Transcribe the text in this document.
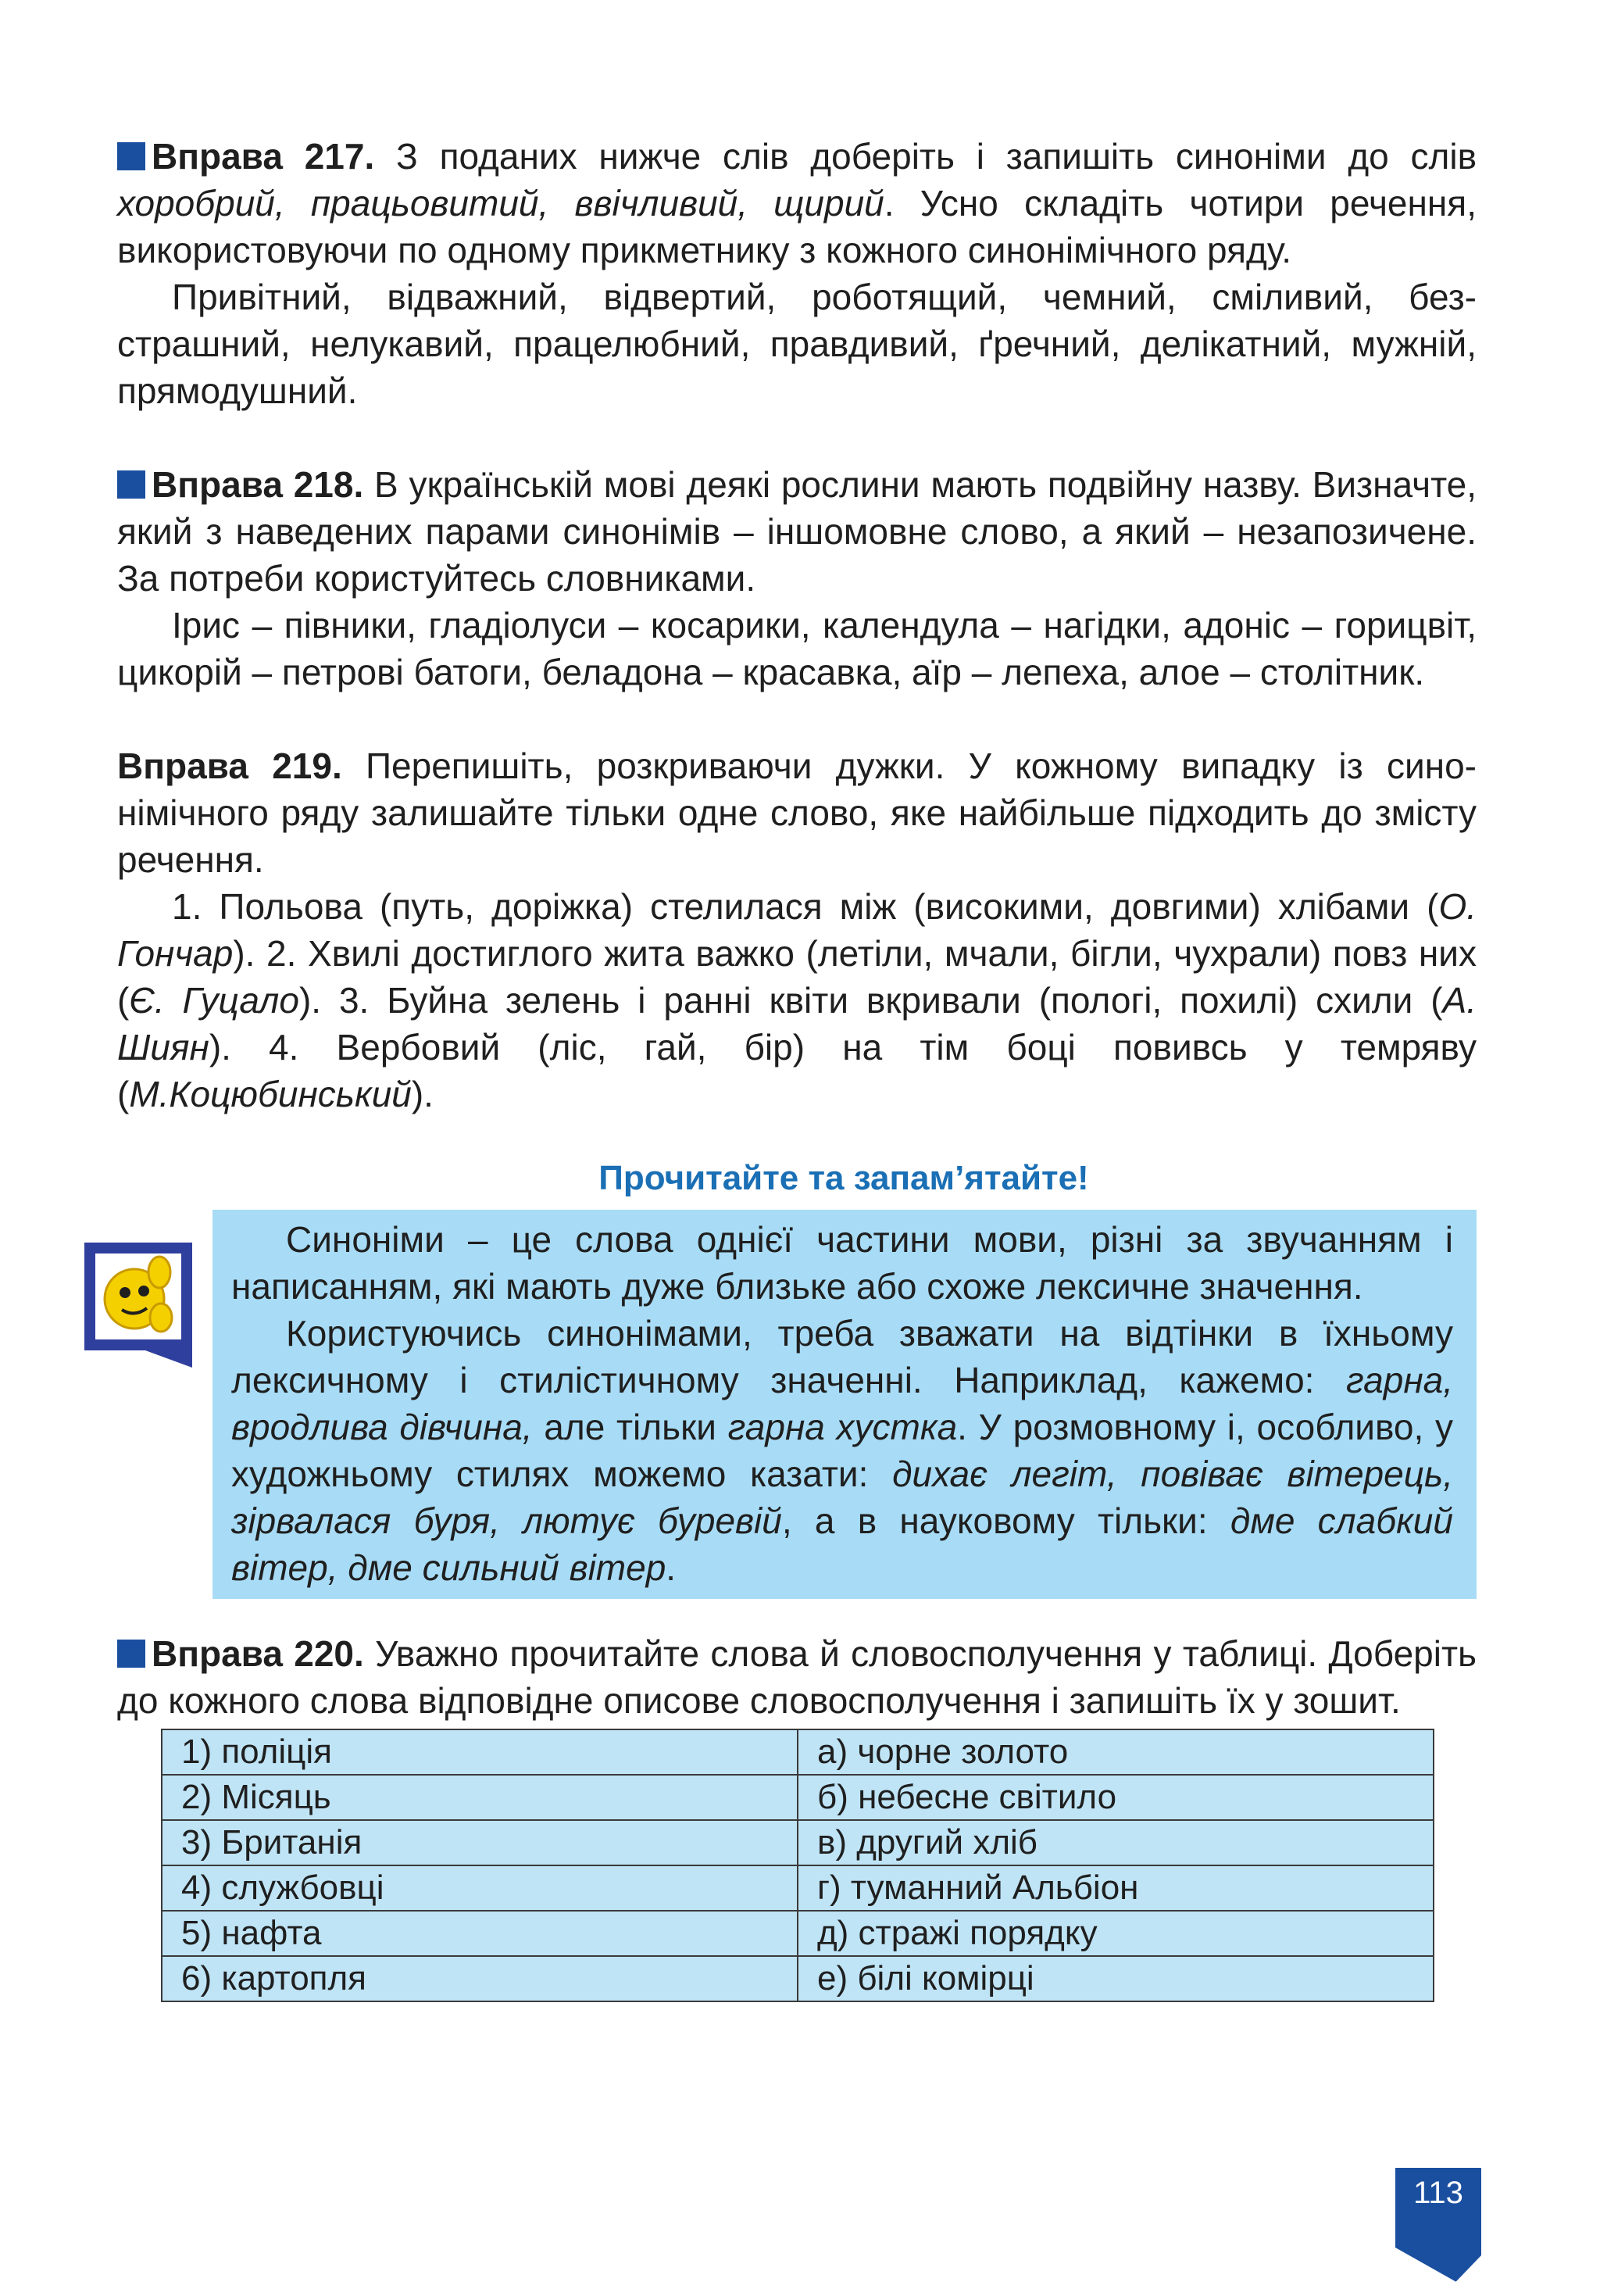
Вправа 217. З поданих нижче слів доберіть і запишіть синоніми до слів хоробрий, працьовитий, ввічливий, щирий. Усно складіть чотири речення, використовуючи по одному прикметнику з кожного синонімічного ряду.

Привітний, відважний, відвертий, роботящий, чемний, сміливий, безстрашний, нелукавий, працелюбний, правдивий, ґречний, делікатний, мужній, прямодушний.

Вправа 218. В українській мові деякі рослини мають подвійну назву. Визначте, який з наведених парами синонімів – іншомовне слово, а який – незапозичене. За потреби користуйтесь словниками.

Ірис – півники, гладіолуси – косарики, календула – нагідки, адоніс – горицвіт, цикорій – петрові батоги, беладона – красавка, аїр – лепеха, алое – столітник.

Вправа 219. Перепишіть, розкриваючи дужки. У кожному випадку із синонімічного ряду залишайте тільки одне слово, яке найбільше підходить до змісту речення.

1. Польова (путь, доріжка) стелилася між (високими, довгими) хлібами (О. Гончар). 2. Хвилі достиглого жита важко (летіли, мчали, бігли, чухрали) повз них (Є. Гуцало). 3. Буйна зелень і ранні квіти вкривали (пологі, похилі) схили (А. Шиян). 4. Вербовий (ліс, гай, бір) на тім боці повивсь у темряву (М.Коцюбинський).

Прочитайте та запам’ятайте!

Синоніми – це слова однієї частини мови, різні за звучанням і написанням, які мають дуже близьке або схоже лексичне значення.

Користуючись синонімами, треба зважати на відтінки в їхньому лексичному і стилістичному значенні. Наприклад, кажемо: гарна, вродлива дівчина, але тільки гарна хустка. У розмовному і, особливо, у художньому стилях можемо казати: дихає легіт, повіває вітерець, зірвалася буря, лютує буревій, а в науковому тільки: дме слабкий вітер, дме сильний вітер.

Вправа 220. Уважно прочитайте слова й словосполучення у таблиці. Доберіть до кожного слова відповідне описове словосполучення і запишіть їх у зошит.

1) поліція	а) чорне золото
2) Місяць	б) небесне світило
3) Британія	в) другий хліб
4) службовці	г) туманний Альбіон
5) нафта	д) стражі порядку
6) картопля	е) білі комірці
113
